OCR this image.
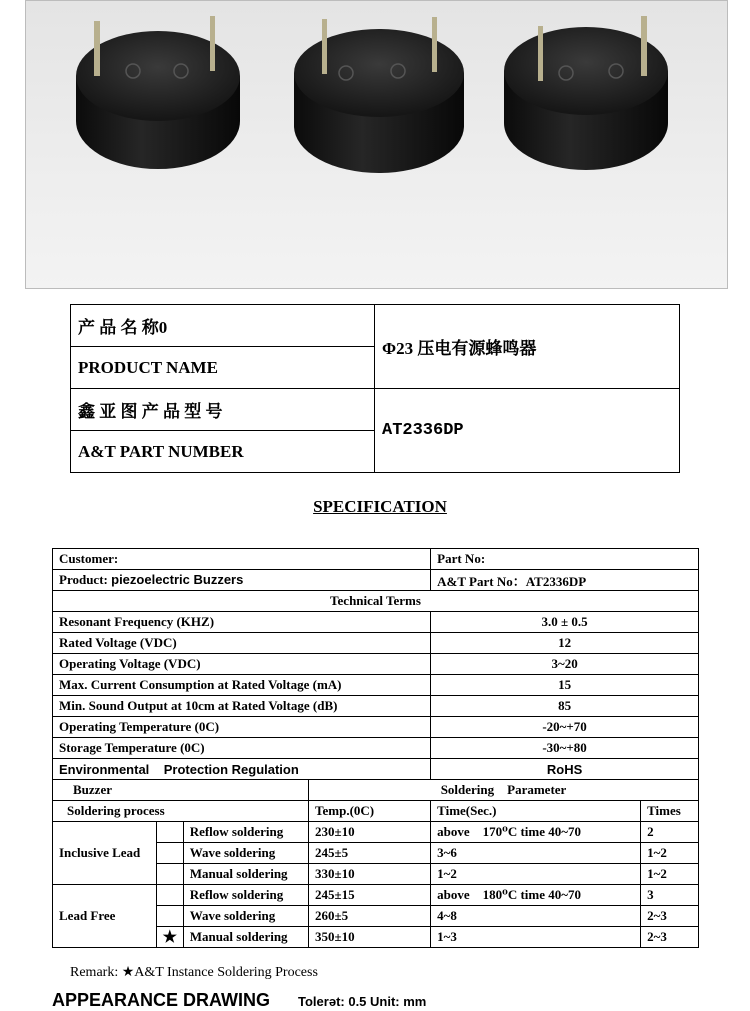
产 品 名 称0	Φ23 压电有源蜂鸣器
PRODUCT NAME	
鑫 亚 图 产 品 型 号	AT2336DP
A&T PART NUMBER	
SPECIFICATION
Customer:				Part No:	
Product: piezoelectric Buzzers				A&T Part No：AT2336DP	
Technical Terms					
Resonant Frequency (KHZ)				3.0 ± 0.5	
Rated Voltage (VDC)				12	
Operating Voltage (VDC)				3~20	
Max. Current Consumption at Rated Voltage (mA)				15	
Min. Sound Output at 10cm at Rated Voltage (dB)				85	
Operating Temperature (0C)				-20~+70	
Storage Temperature (0C)				-30~+80	
Environmental    Protection Regulation				RoHS	
Buzzer			Soldering    Parameter		
Soldering process			Temp.(0C)	Time(Sec.)	Times
Inclusive Lead		Reflow soldering	230±10	above    170⁰C time 40~70	2
		Wave soldering	245±5	3~6	1~2
		Manual soldering	330±10	1~2	1~2
Lead Free		Reflow soldering	245±15	above    180⁰C time 40~70	3
		Wave soldering	260±5	4~8	2~3
	★	Manual soldering	350±10	1~3	2~3
Remark: ★A&T Instance Soldering Process
APPEARANCE DRAWING Tolerǝt: 0.5 Unit: mm
